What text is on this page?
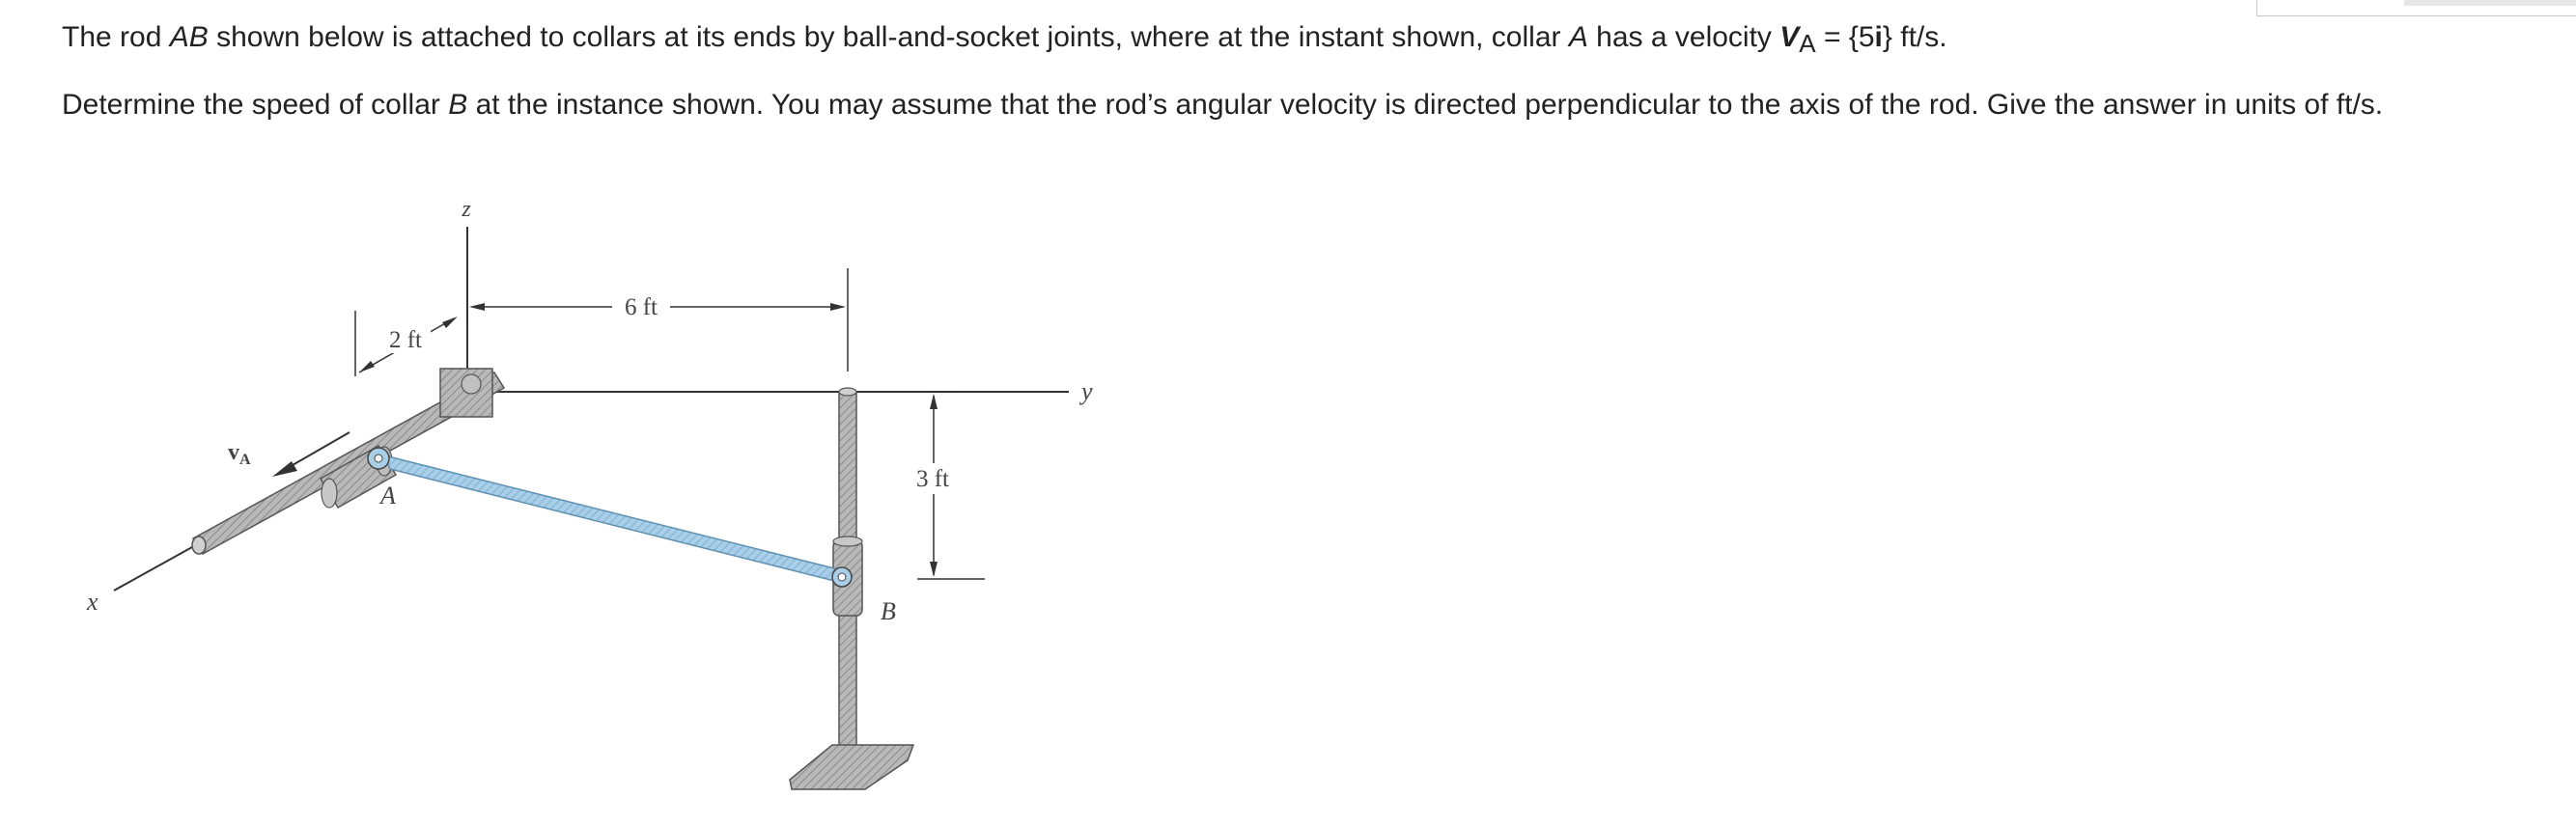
The rod AB shown below is attached to collars at its ends by ball-and-socket joints, where at the instant shown, collar A has a velocity $V_A = \{5i\}$ ft/s.

Determine the speed of collar B at the instance shown. You may assume that the rod’s angular velocity is directed perpendicular to the axis of the rod. Give the answer in units of ft/s.

z
y
x
6 ft
2 ft
3 ft
A
B
$v_A$
